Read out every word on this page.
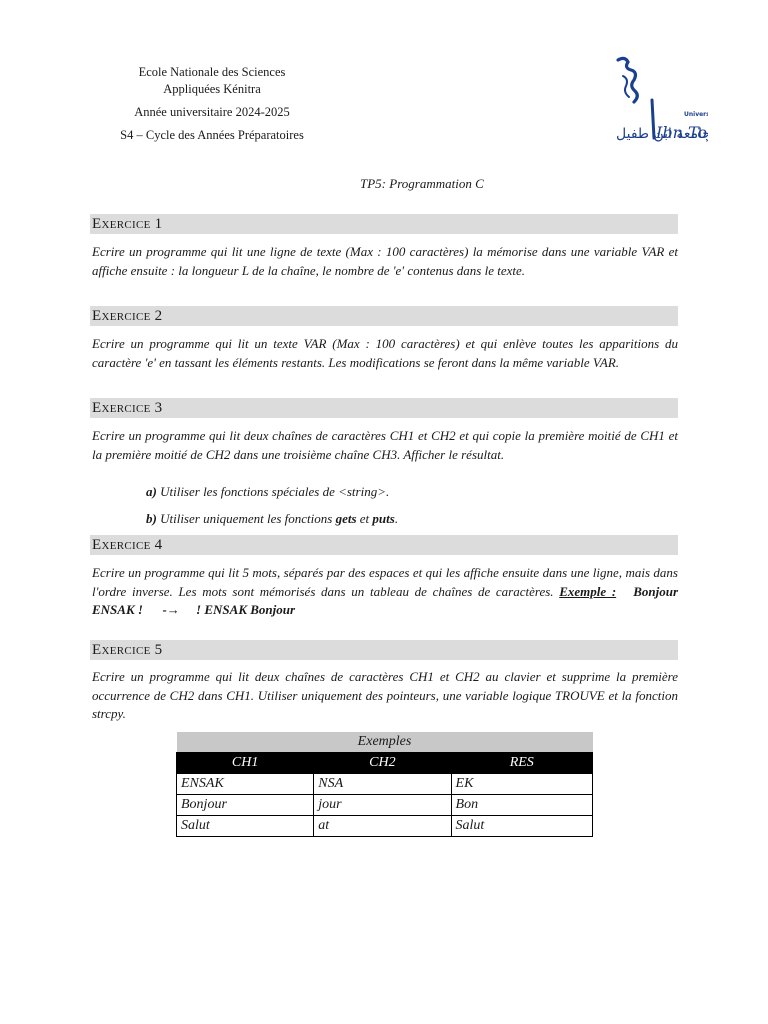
Ecole Nationale des Sciences
Appliquées Kénitra

Année universitaire 2024-2025

S4 – Cycle des Années Préparatoires	جامعة ابن طفيل
Univers
Ibn To
TP5: Programmation C
Exercice 1

Ecrire un programme qui lit une ligne de texte (Max : 100 caractères) la mémorise dans une variable VAR et affiche ensuite : la longueur L de la chaîne, le nombre de 'e' contenus dans le texte.

Exercice 2

Ecrire un programme qui lit un texte VAR (Max : 100 caractères) et qui enlève toutes les apparitions du caractère 'e' en tassant les éléments restants. Les modifications se feront dans la même variable VAR.

Exercice 3

Ecrire un programme qui lit deux chaînes de caractères CH1 et CH2 et qui copie la première moitié de CH1 et la première moitié de CH2 dans une troisième chaîne CH3. Afficher le résultat.

a) Utiliser les fonctions spéciales de <string>.
b) Utiliser uniquement les fonctions gets et puts.
Exercice 4

Ecrire un programme qui lit 5 mots, séparés par des espaces et qui les affiche ensuite dans une ligne, mais dans l'ordre inverse. Les mots sont mémorisés dans un tableau de chaînes de caractères. Exemple : Bonjour ENSAK ! -→ ! ENSAK Bonjour

Exercice 5

Ecrire un programme qui lit deux chaînes de caractères CH1 et CH2 au clavier et supprime la première occurrence de CH2 dans CH1. Utiliser uniquement des pointeurs, une variable logique TROUVE et la fonction strcpy.

Exemples		
CH1	CH2	RES
ENSAK	NSA	EK
Bonjour	jour	Bon
Salut	at	Salut
